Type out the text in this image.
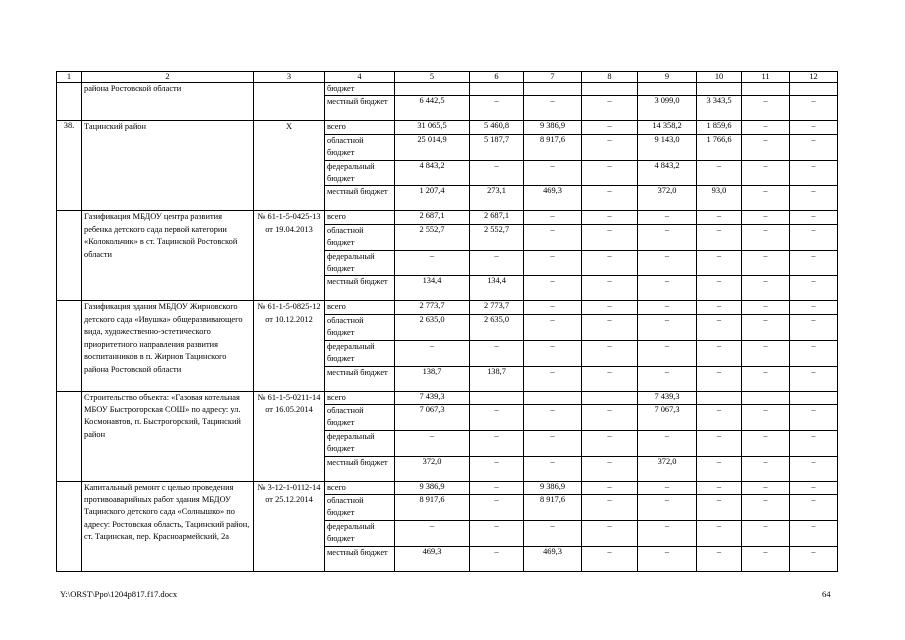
1	2	3	4	5	6	7	8	9	10	11	12
	района Ростовской области		бюджет								
			местный бюджет	6 442,5	–	–	–	3 099,0	3 343,5	–	–
38.	Тацинский район	Х	всего	31 065,5	5 460,8	9 386,9	–	14 358,2	1 859,6	–	–
			областной бюджет	25 014,9	5 187,7	8 917,6	–	9 143,0	1 766,6	–	–
			федеральный бюджет	4 843,2	–	–	–	4 843,2	–	–	–
			местный бюджет	1 207,4	273,1	469,3	–	372,0	93,0	–	–
	Газификация МБДОУ центра развития ребенка детского сада первой категории «Колокольчик» в ст. Тацинской Ростовской области	№ 61-1-5-0425-13 от 19.04.2013	всего	2 687,1	2 687,1	–	–	–	–	–	–
			областной бюджет	2 552,7	2 552,7	–	–	–	–	–	–
			федеральный бюджет	–	–	–	–	–	–	–	–
			местный бюджет	134,4	134,4	–	–	–	–	–	–
	Газификация здания МБДОУ Жирновского детского сада «Ивушка» общеразвивающего вида, художественно-эстетического приоритетного направления развития воспитанников в п. Жирнов Тацинского района Ростовской области	№ 61-1-5-0825-12 от 10.12.2012	всего	2 773,7	2 773,7	–	–	–	–	–	–
			областной бюджет	2 635,0	2 635,0	–	–	–	–	–	–
			федеральный бюджет	–	–	–	–	–	–	–	–
			местный бюджет	138,7	138,7	–	–	–	–	–	–
	Строительство объекта: «Газовая котельная МБОУ Быстрогорская СОШ» по адресу: ул. Космонавтов, п. Быстрогорский, Тацинский район	№ 61-1-5-0211-14 от 16.05.2014	всего	7 439,3				7 439,3			
			областной бюджет	7 067,3	–	–	–	7 067,3	–	–	–
			федеральный бюджет	–	–	–	–	–	–	–	–
			местный бюджет	372,0	–	–	–	372,0	–	–	–
	Капитальный ремонт с целью проведения противоаварийных работ здания МБДОУ Тацинского детского сада «Солнышко» по адресу: Ростовская область, Тацинский район, ст. Тацинская, пер. Красноармейский, 2а	№ 3-12-1-0112-14 от 25.12.2014	всего	9 386,9	–	9 386,9	–	–	–	–	–
			областной бюджет	8 917,6	–	8 917,6	–	–	–	–	–
			федеральный бюджет	–	–	–	–	–	–	–	–
			местный бюджет	469,3	–	469,3	–	–	–	–	–
Y:\ORST\Ppo\1204p817.f17.docx	64
